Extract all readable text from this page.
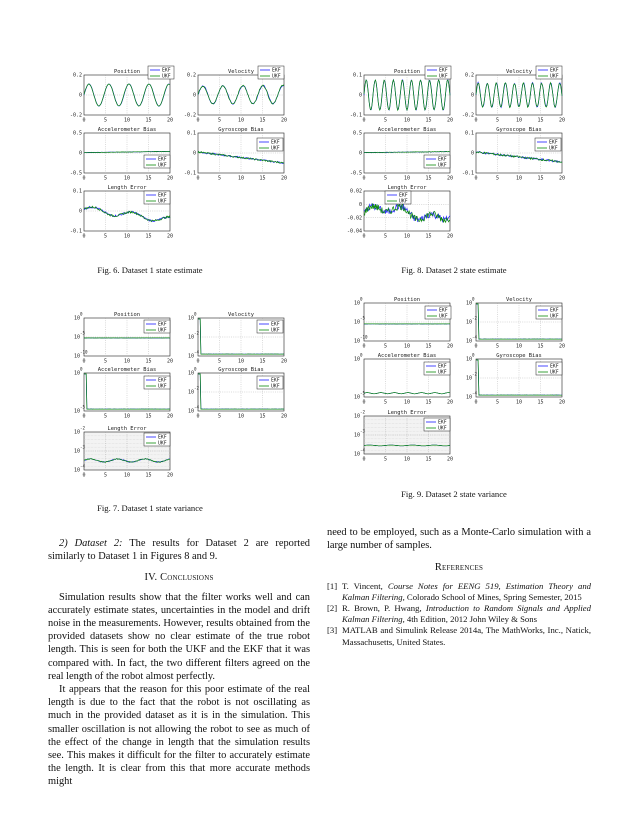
0.2
0
-0.2
0	5	10	15	20
Position	EKF
UKF	0.2
0
-0.2
0	5	10	15	20
Velocity	EKF
UKF
0.5
0
-0.5
0	5	10	15	20
Accelerometer Bias
EKF
UKF
0.1
0
-0.1
0	5	10	15	20
Gyroscope Bias
EKF
UKF
0.1
0
-0.1
0	5	10	15	20
Length Error
EKF
UKF
0.1
0
-0.1
0	5	10	15	20
Position	EKF
UKF	0.2
0
-0.2
0	5	10	15	20
Velocity	EKF
UKF
0.5
0
-0.5
0	5	10	15	20
Accelerometer Bias
EKF
UKF
0.1
0
-0.1
0	5	10	15	20
Gyroscope Bias
EKF
UKF
0.02
0
-0.02
-0.04
0	5	10	15	20
Length Error
EKF
UKF
10
0
10
-5
10
-10
0	5	10	15	20
Position
EKF
UKF
10
0
10
-2
10
-4
0	5	10	15	20
Velocity
EKF
UKF
10
0
10
-5
0	5	10	15	20
Accelerometer Bias
EKF
UKF
10
0
10
-2
10
-4
0	5	10	15	20
Gyroscope Bias
EKF
UKF
10
-2
10
-3
10
-4
0	5	10	15	20
Length Error
EKF
UKF
10
0
10
-5
10
-10
0	5	10	15	20
Position
EKF
UKF
10
0
10
-2
10
-4
0	5	10	15	20
Velocity
EKF
UKF
10
0
10
-5
0	5	10	15	20
Accelerometer Bias
EKF
UKF
10
0
10
-2
10
-4
0	5	10	15	20
Gyroscope Bias
EKF
UKF
10
-2
10
-3
10
-4
0	5	10	15	20
Length Error
EKF
UKF
Fig. 6. Dataset 1 state estimate
Fig. 7. Dataset 1 state variance
Fig. 8. Dataset 2 state estimate
Fig. 9. Dataset 2 state variance

2) Dataset 2: The results for Dataset 2 are reported similarly to Dataset 1 in Figures 8 and 9.

IV. Conclusions

Simulation results show that the filter works well and can accurately estimate states, uncertainties in the model and drift noise in the measurements. However, results obtained from the provided datasets show no clear estimate of the true robot length. This is seen for both the UKF and the EKF that it was compared with. In fact, the two different filters agreed on the real length of the robot almost perfectly.

It appears that the reason for this poor estimate of the real length is due to the fact that the robot is not oscillating as much in the provided dataset as it is in the simulation. This smaller oscillation is not allowing the robot to see as much of the effect of the change in length that the simulation results see. This makes it difficult for the filter to accurately estimate the length. It is clear from this that more accurate methods might

need to be employed, such as a Monte-Carlo simulation with a large number of samples.

References
[1] T. Vincent, Course Notes for EENG 519, Estimation Theory and Kalman Filtering, Colorado School of Mines, Spring Semester, 2015
[2] R. Brown, P. Hwang, Introduction to Random Signals and Applied Kalman Filtering, 4th Edition, 2012 John Wiley & Sons
[3] MATLAB and Simulink Release 2014a, The MathWorks, Inc., Natick, Massachusetts, United States.
